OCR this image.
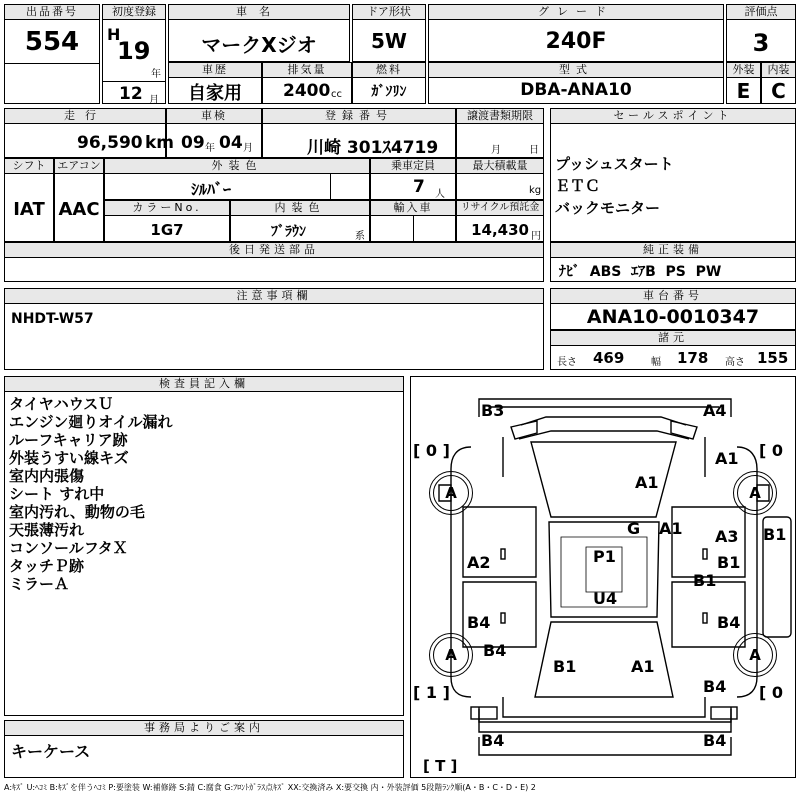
出品番号
554
初度登録
H
19
年
12 月
車名
マークXジオ
ドア形状
5W
グレード
240F
評価点
3
車歴
自家用
排気量
2400 cc
燃料
ｶﾞｿﾘﾝ
型式
DBA-ANA10
外装
E
内装
C
走行
96,590 km
車検
09 年 04 月
登録番号
川崎 301ｽ4719
譲渡書類期限
月	日
シフト
IAT
エアコン
AAC
外装色
ｼﾙﾊﾞｰ
乗車定員
7 人
最大積載量
kg
カラーNo.
1G7
内装色
ﾌﾞﾗｳﾝ	系
輸入車	リサイクル預託金
14,430 円
後日発送部品
セールスポイント
プッシュスタート
ＥＴＣ
バックモニター
純正装備
ﾅﾋﾞ  ABS  ｴｱB  PS  PW
注意事項欄
NHDT-W57
車台番号
ANA10-0010347
諸元
長さ 469	幅 178 高さ 155
検査員記入欄
タイヤハウスＵ
エンジン廻りオイル漏れ
ルーフキャリア跡
外装うすい線キズ
室内内張傷
シート すれ中
室内汚れ、動物の毛
天張薄汚れ
コンソールフタＸ
タッチＰ跡
ミラーＡ
事務局よりご案内
キーケース
A	A
A	A
[ 0 ]	[ 0
[ 1 ]	[ 0
[ T ]
B3	A4
A1
A1
G A1 A3 B1
B1
B1
A2	P1
U4
B4	B4
B4
B1	A1
B4
B4	B4
A:ｷｽﾞ U:ﾍｺﾐ B:ｷｽﾞを伴うﾍｺﾐ P:要塗装 W:補修跡 S:錆 C:腐食 G:ﾌﾛﾝﾄｶﾞﾗｽ点ｷｽﾞ XX:交換済み X:要交換 内・外装評価 5段階ﾗﾝｸ順(A・B・C・D・E) 2
